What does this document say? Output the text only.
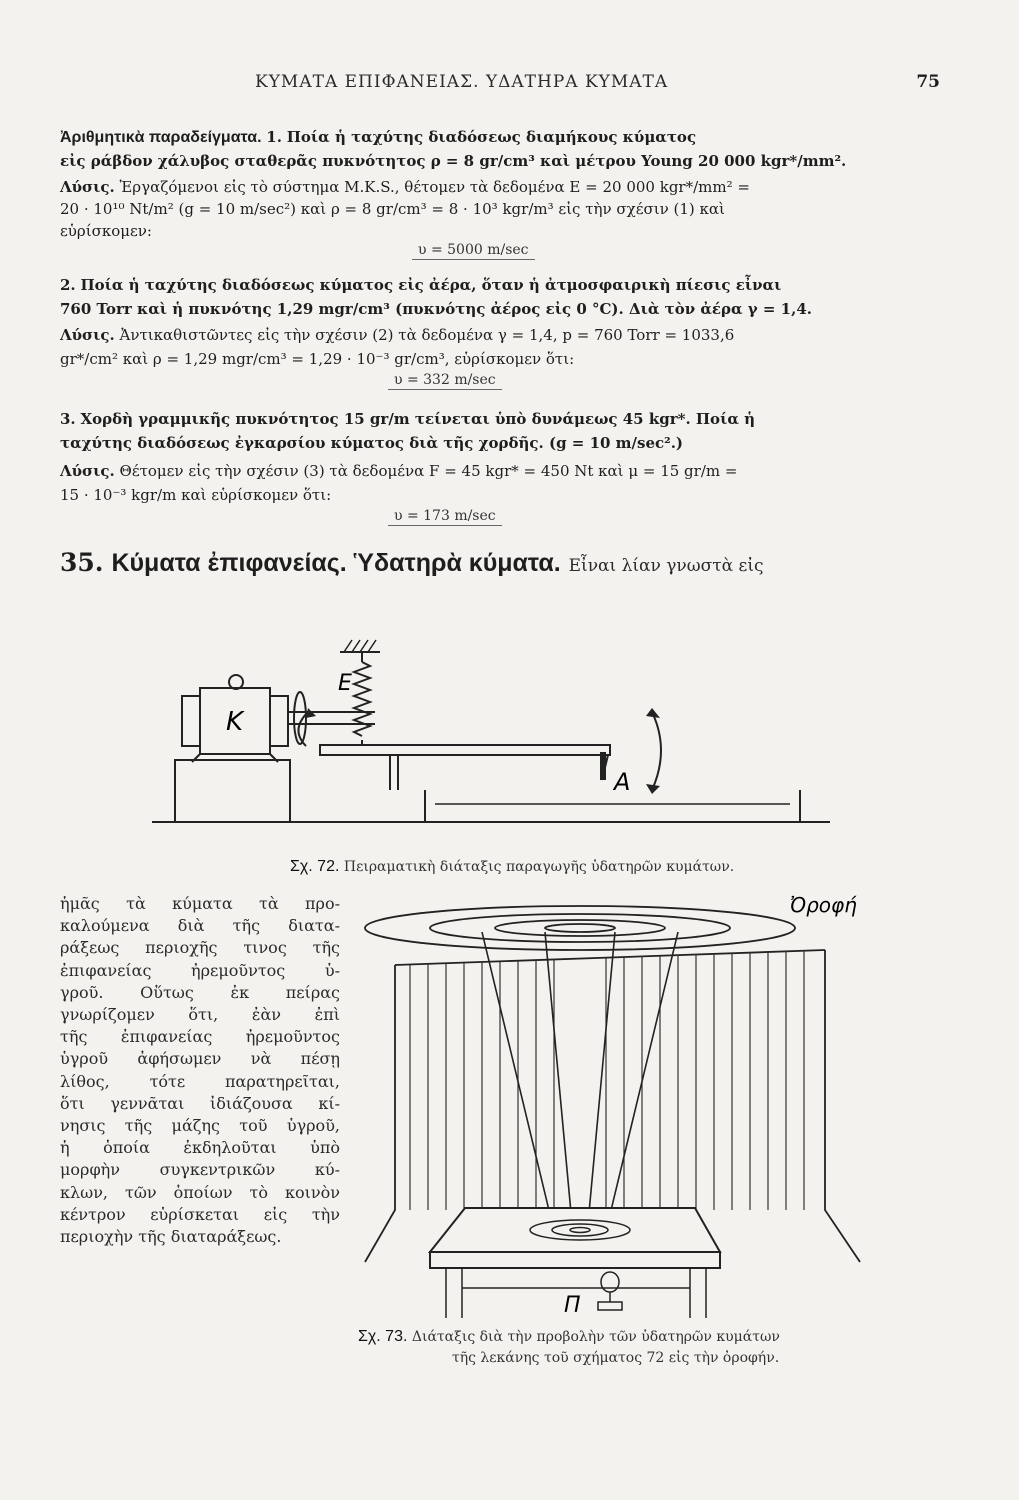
ΚΥΜΑΤΑ ΕΠΙΦΑΝΕΙΑΣ. ΥΔΑΤΗΡΑ ΚΥΜΑΤΑ	75
Ἀριθμητικὰ παραδείγματα. 1. Ποία ἡ ταχύτης διαδόσεως διαμήκους κύματος
εἰς ράβδον χάλυβος σταθερᾶς πυκνότητος ρ = 8 gr/cm³ καὶ μέτρου Young 20 000 kgr*/mm².
Λύσις. Ἐργαζόμενοι εἰς τὸ σύστημα M.K.S., θέτομεν τὰ δεδομένα E = 20 000 kgr*/mm² =
20 · 10¹⁰ Nt/m² (g = 10 m/sec²) καὶ ρ = 8 gr/cm³ = 8 · 10³ kgr/m³ εἰς τὴν σχέσιν (1) καὶ
εὑρίσκομεν:
υ = 5000 m/sec
2. Ποία ἡ ταχύτης διαδόσεως κύματος εἰς ἀέρα, ὅταν ἡ ἀτμοσφαιρικὴ πίεσις εἶναι
760 Torr καὶ ἡ πυκνότης 1,29 mgr/cm³ (πυκνότης ἀέρος εἰς 0 °C). Διὰ τὸν ἀέρα γ = 1,4.
Λύσις. Ἀντικαθιστῶντες εἰς τὴν σχέσιν (2) τὰ δεδομένα γ = 1,4, p = 760 Torr = 1033,6
gr*/cm² καὶ ρ = 1,29 mgr/cm³ = 1,29 · 10⁻³ gr/cm³, εὑρίσκομεν ὅτι:
υ = 332 m/sec
3. Χορδὴ γραμμικῆς πυκνότητος 15 gr/m τείνεται ὑπὸ δυνάμεως 45 kgr*. Ποία ἡ
ταχύτης διαδόσεως ἐγκαρσίου κύματος διὰ τῆς χορδῆς. (g = 10 m/sec².)
Λύσις. Θέτομεν εἰς τὴν σχέσιν (3) τὰ δεδομένα F = 45 kgr* = 450 Nt καὶ μ = 15 gr/m =
15 · 10⁻³ kgr/m καὶ εὑρίσκομεν ὅτι:
υ = 173 m/sec
35. Κύματα ἐπιφανείας. Ὑδατηρὰ κύματα. Εἶναι λίαν γνωστὰ εἰς
K
E
A
Σχ. 72. Πειραματικὴ διάταξις παραγωγῆς ὑδατηρῶν κυμάτων.
ἡμᾶς τὰ κύματα τὰ προ-
καλούμενα διὰ τῆς διατα-
ράξεως περιοχῆς τινος τῆς
ἐπιφανείας ἠρεμοῦντος ὑ-
γροῦ. Οὕτως ἐκ πείρας
γνωρίζομεν ὅτι, ἐὰν ἐπὶ
τῆς ἐπιφανείας ἠρεμοῦντος
ὑγροῦ ἀφήσωμεν νὰ πέσῃ
λίθος, τότε παρατηρεῖται,
ὅτι γεννᾶται ἰδιάζουσα κί-
νησις τῆς μάζης τοῦ ὑγροῦ,
ἡ ὁποία ἐκδηλοῦται ὑπὸ
μορφὴν συγκεντρικῶν κύ-
κλων, τῶν ὁποίων τὸ κοινὸν
κέντρον εὑρίσκεται εἰς τὴν
περιοχὴν τῆς διαταράξεως.
Ὀροφή
Π
Σχ. 73. Διάταξις διὰ τὴν προβολὴν τῶν ὑδατηρῶν κυμάτων
τῆς λεκάνης τοῦ σχήματος 72 εἰς τὴν ὀροφήν.
